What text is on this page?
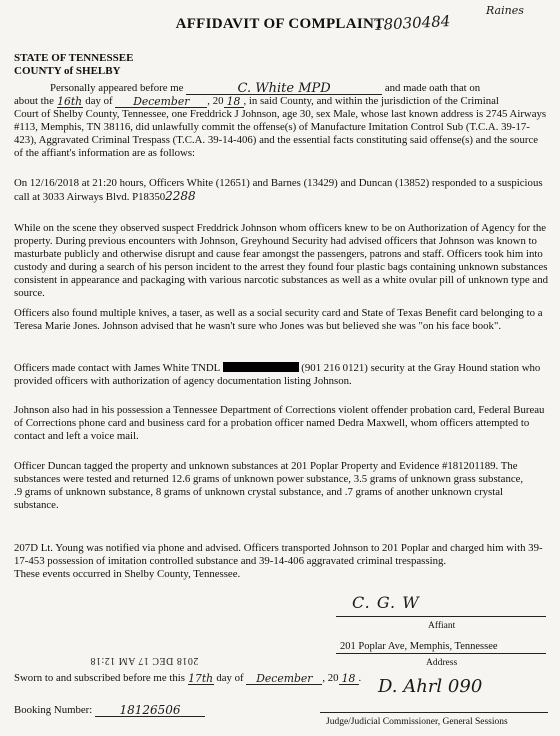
Raines
AFFIDAVIT OF COMPLAINT
18030484
STATE OF TENNESSEE
COUNTY of SHELBY
Personally appeared before me	C. White MPD	and made oath that on
about the 16th day of December , 20 18 , in said County, and within the jurisdiction of the Criminal
Court of Shelby County, Tennessee, one Freddrick J Johnson, age 30, sex Male, whose last known address is 2745 Airways #113, Memphis, TN 38116, did unlawfully commit the offense(s) of Manufacture Imitation Control Sub (T.C.A. 39-17-423), Aggravated Criminal Trespass (T.C.A. 39-14-406) and the essential facts constituting said offense(s) and the source of the affiant's information are as follows:
On 12/16/2018 at 21:20 hours, Officers White (12651) and Barnes (13429) and Duncan (13852) responded to a suspicious call at 3033 Airways Blvd. P183502288
While on the scene they observed suspect Freddrick Johnson whom officers knew to be on Authorization of Agency for the property. During previous encounters with Johnson, Greyhound Security had advised officers that Johnson was known to masturbate publicly and otherwise disrupt and cause fear amongst the passengers, patrons and staff. Officers took him into custody and during a search of his person incident to the arrest they found four plastic bags containing unknown substances consistent in appearance and packaging with various narcotic substances as well as a white ovular pill of unknown type and source.
Officers also found multiple knives, a taser, as well as a social security card and State of Texas Benefit card belonging to a Teresa Marie Jones. Johnson advised that he wasn't sure who Jones was but believed she was "on his face book".
Officers made contact with James White TNDL	(901 216 0121) security at the Gray Hound station who provided officers with authorization of agency documentation listing Johnson.
Johnson also had in his possession a Tennessee Department of Corrections violent offender probation card, Federal Bureau of Corrections phone card and business card for a probation officer named Dedra Maxwell, whom officers attempted to contact and left a voice mail.
Officer Duncan tagged the property and unknown substances at 201 Poplar Property and Evidence #181201189. The substances were tested and returned 12.6 grams of unknown power substance, 3.5 grams of unknown grass substance,
.9 grams of unknown substance, 8 grams of unknown crystal substance, and .7 grams of another unknown crystal substance.
207D Lt. Young was notified via phone and advised. Officers transported Johnson to 201 Poplar and charged him with 39-17-453 possession of imitation controlled substance and 39-14-406 aggravated criminal trespassing.
These events occurred in Shelby County, Tennessee.
C. G. W
Affiant
201 Poplar Ave, Memphis, Tennessee
Address
2018 DEC 17 AM 12:18
Sworn to and subscribed before me this 17th day of December , 20 18 . D. Ahrl 090
Booking Number: 18126506
Judge/Judicial Commissioner, General Sessions
